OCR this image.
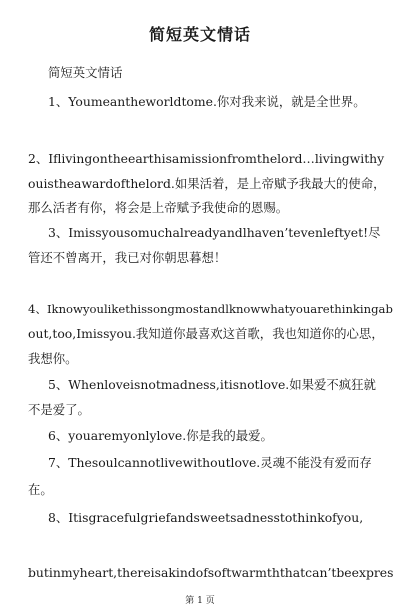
简短英文情话

简短英文情话

1、Youmeantheworldtome.你对我来说，就是全世界。

2、Iflivingontheearthisamissionfromthelord…livingwithy

ouistheawardofthelord.如果活着，是上帝赋予我最大的使命，

那么活者有你，将会是上帝赋予我使命的恩赐。

3、Imissyousomuchalreadyandlhaven’tevenleftyet!尽

管还不曾离开，我已对你朝思暮想！

4、Iknowyoulikethissongmostandlknowwhatyouarethinkingab

out,too,Imissyou.我知道你最喜欢这首歌，我也知道你的心思，

我想你。

5、Whenloveisnotmadness,itisnotlove.如果爱不疯狂就

不是爱了。

6、youaremyonlylove.你是我的最爱。

7、Thesoulcannotlivewithoutlove.灵魂不能没有爱而存

在。

8、Itisgracefulgriefandsweetsadnesstothinkofyou,

butinmyheart,thereisakindofsoftwarmththatcan’tbeexpres

第 1 页
